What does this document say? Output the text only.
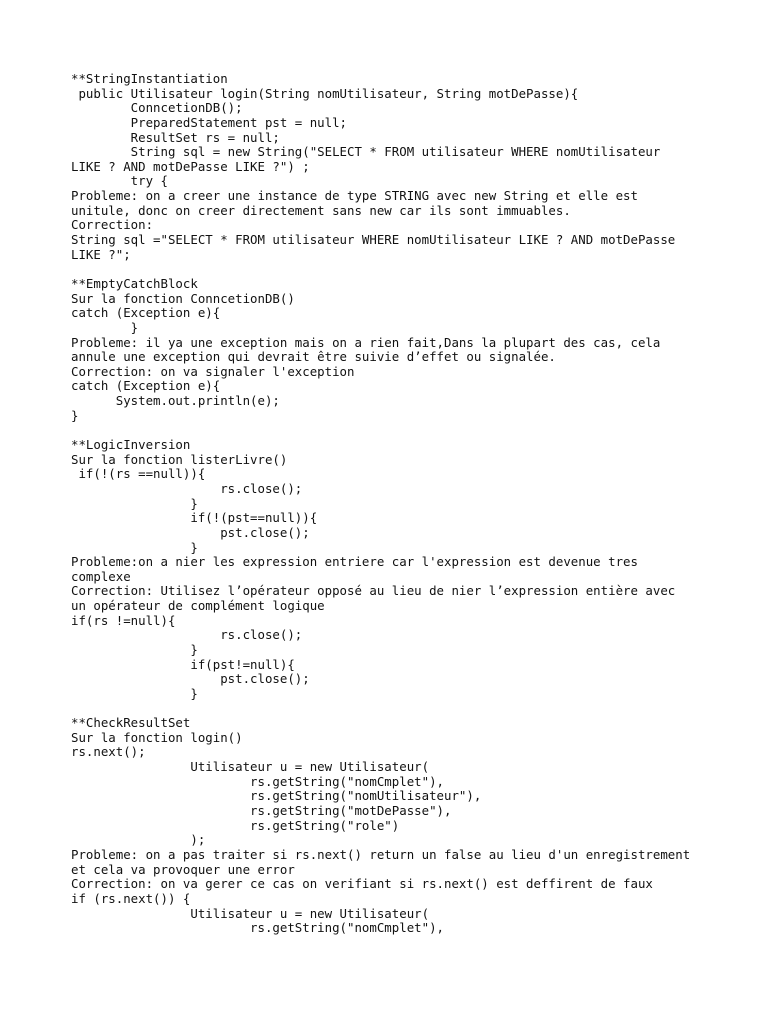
**StringInstantiation
public Utilisateur login(String nomUtilisateur, String motDePasse){
ConncetionDB();
PreparedStatement pst = null;
ResultSet rs = null;
String sql = new String("SELECT * FROM utilisateur WHERE nomUtilisateur
LIKE ? AND motDePasse LIKE ?") ;
try {
Probleme: on a creer une instance de type STRING avec new String et elle est
unitule, donc on creer directement sans new car ils sont immuables.
Correction:
String sql ="SELECT * FROM utilisateur WHERE nomUtilisateur LIKE ? AND motDePasse
LIKE ?";
**EmptyCatchBlock
Sur la fonction ConncetionDB()
catch (Exception e){
}
Probleme: il ya une exception mais on a rien fait,Dans la plupart des cas, cela
annule une exception qui devrait être suivie d’effet ou signalée.
Correction: on va signaler l'exception
catch (Exception e){
System.out.println(e);
}
**LogicInversion
Sur la fonction listerLivre()
if(!(rs ==null)){
rs.close();
}
if(!(pst==null)){
pst.close();
}
Probleme:on a nier les expression entriere car l'expression est devenue tres
complexe
Correction: Utilisez l’opérateur opposé au lieu de nier l’expression entière avec
un opérateur de complément logique
if(rs !=null){
rs.close();
}
if(pst!=null){
pst.close();
}
**CheckResultSet
Sur la fonction login()
rs.next();
Utilisateur u = new Utilisateur(
rs.getString("nomCmplet"),
rs.getString("nomUtilisateur"),
rs.getString("motDePasse"),
rs.getString("role")
);
Probleme: on a pas traiter si rs.next() return un false au lieu d'un enregistrement
et cela va provoquer une error
Correction: on va gerer ce cas on verifiant si rs.next() est deffirent de faux
if (rs.next()) {
Utilisateur u = new Utilisateur(
rs.getString("nomCmplet"),
